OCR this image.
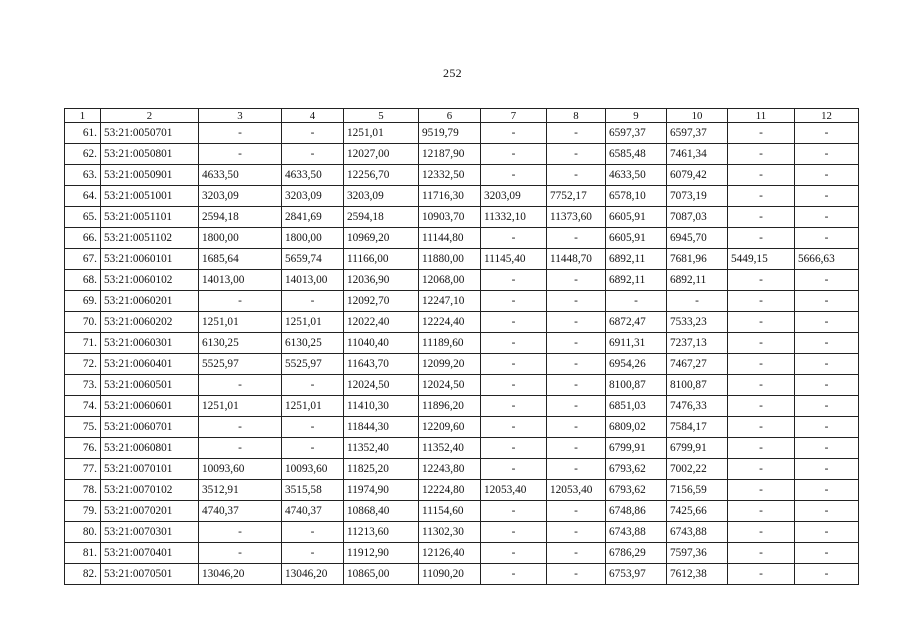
252
1	2	3	4	5	6	7	8	9	10	11	12
61.	53:21:0050701	-	-	1251,01	9519,79	-	-	6597,37	6597,37	-	-
62.	53:21:0050801	-	-	12027,00	12187,90	-	-	6585,48	7461,34	-	-
63.	53:21:0050901	4633,50	4633,50	12256,70	12332,50	-	-	4633,50	6079,42	-	-
64.	53:21:0051001	3203,09	3203,09	3203,09	11716,30	3203,09	7752,17	6578,10	7073,19	-	-
65.	53:21:0051101	2594,18	2841,69	2594,18	10903,70	11332,10	11373,60	6605,91	7087,03	-	-
66.	53:21:0051102	1800,00	1800,00	10969,20	11144,80	-	-	6605,91	6945,70	-	-
67.	53:21:0060101	1685,64	5659,74	11166,00	11880,00	11145,40	11448,70	6892,11	7681,96	5449,15	5666,63
68.	53:21:0060102	14013,00	14013,00	12036,90	12068,00	-	-	6892,11	6892,11	-	-
69.	53:21:0060201	-	-	12092,70	12247,10	-	-	-	-	-	-
70.	53:21:0060202	1251,01	1251,01	12022,40	12224,40	-	-	6872,47	7533,23	-	-
71.	53:21:0060301	6130,25	6130,25	11040,40	11189,60	-	-	6911,31	7237,13	-	-
72.	53:21:0060401	5525,97	5525,97	11643,70	12099,20	-	-	6954,26	7467,27	-	-
73.	53:21:0060501	-	-	12024,50	12024,50	-	-	8100,87	8100,87	-	-
74.	53:21:0060601	1251,01	1251,01	11410,30	11896,20	-	-	6851,03	7476,33	-	-
75.	53:21:0060701	-	-	11844,30	12209,60	-	-	6809,02	7584,17	-	-
76.	53:21:0060801	-	-	11352,40	11352,40	-	-	6799,91	6799,91	-	-
77.	53:21:0070101	10093,60	10093,60	11825,20	12243,80	-	-	6793,62	7002,22	-	-
78.	53:21:0070102	3512,91	3515,58	11974,90	12224,80	12053,40	12053,40	6793,62	7156,59	-	-
79.	53:21:0070201	4740,37	4740,37	10868,40	11154,60	-	-	6748,86	7425,66	-	-
80.	53:21:0070301	-	-	11213,60	11302,30	-	-	6743,88	6743,88	-	-
81.	53:21:0070401	-	-	11912,90	12126,40	-	-	6786,29	7597,36	-	-
82.	53:21:0070501	13046,20	13046,20	10865,00	11090,20	-	-	6753,97	7612,38	-	-
